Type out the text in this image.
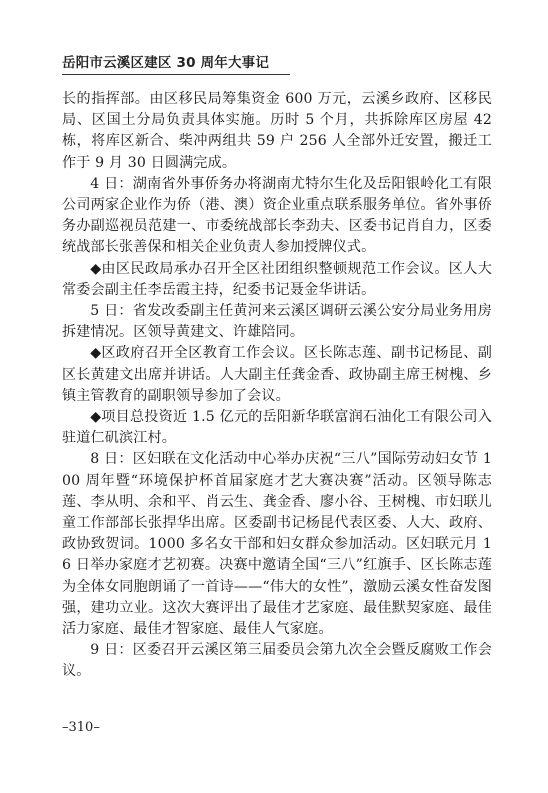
岳阳市云溪区建区 30 周年大事记

长的指挥部。由区移民局筹集资金 600 万元，云溪乡政府、区移民局、区国土分局负责具体实施。历时 5 个月，共拆除库区房屋 42 栋，将库区新合、柴冲两组共 59 户 256 人全部外迁安置，搬迁工作于 9 月 30 日圆满完成。

4 日：湖南省外事侨务办将湖南尤特尔生化及岳阳银岭化工有限公司两家企业作为侨（港、澳）资企业重点联系服务单位。省外事侨务办副巡视员范建一、市委统战部长李劲夫、区委书记肖自力，区委统战部长张善保和相关企业负责人参加授牌仪式。

◆由区民政局承办召开全区社团组织整顿规范工作会议。区人大常委会副主任李岳霞主持，纪委书记聂金华讲话。

5 日：省发改委副主任黄河来云溪区调研云溪公安分局业务用房拆建情况。区领导黄建文、许雄陪同。

◆区政府召开全区教育工作会议。区长陈志莲、副书记杨昆、副区长黄建文出席并讲话。人大副主任龚金香、政协副主席王树槐、乡镇主管教育的副职领导参加了会议。

◆项目总投资近 1.5 亿元的岳阳新华联富润石油化工有限公司入驻道仁矶滨江村。

8 日：区妇联在文化活动中心举办庆祝“三八”国际劳动妇女节 100 周年暨“环境保护杯首届家庭才艺大赛决赛”活动。区领导陈志莲、李从明、余和平、肖云生、龚金香、廖小谷、王树槐、市妇联儿童工作部部长张捍华出席。区委副书记杨昆代表区委、人大、政府、政协致贺词。1000 多名女干部和妇女群众参加活动。区妇联元月 16 日举办家庭才艺初赛。决赛中邀请全国“三八”红旗手、区长陈志莲为全体女同胞朗诵了一首诗——“伟大的女性”，激励云溪女性奋发图强，建功立业。这次大赛评出了最佳才艺家庭、最佳默契家庭、最佳活力家庭、最佳才智家庭、最佳人气家庭。

9 日：区委召开云溪区第三届委员会第九次全会暨反腐败工作会议。

–310–
